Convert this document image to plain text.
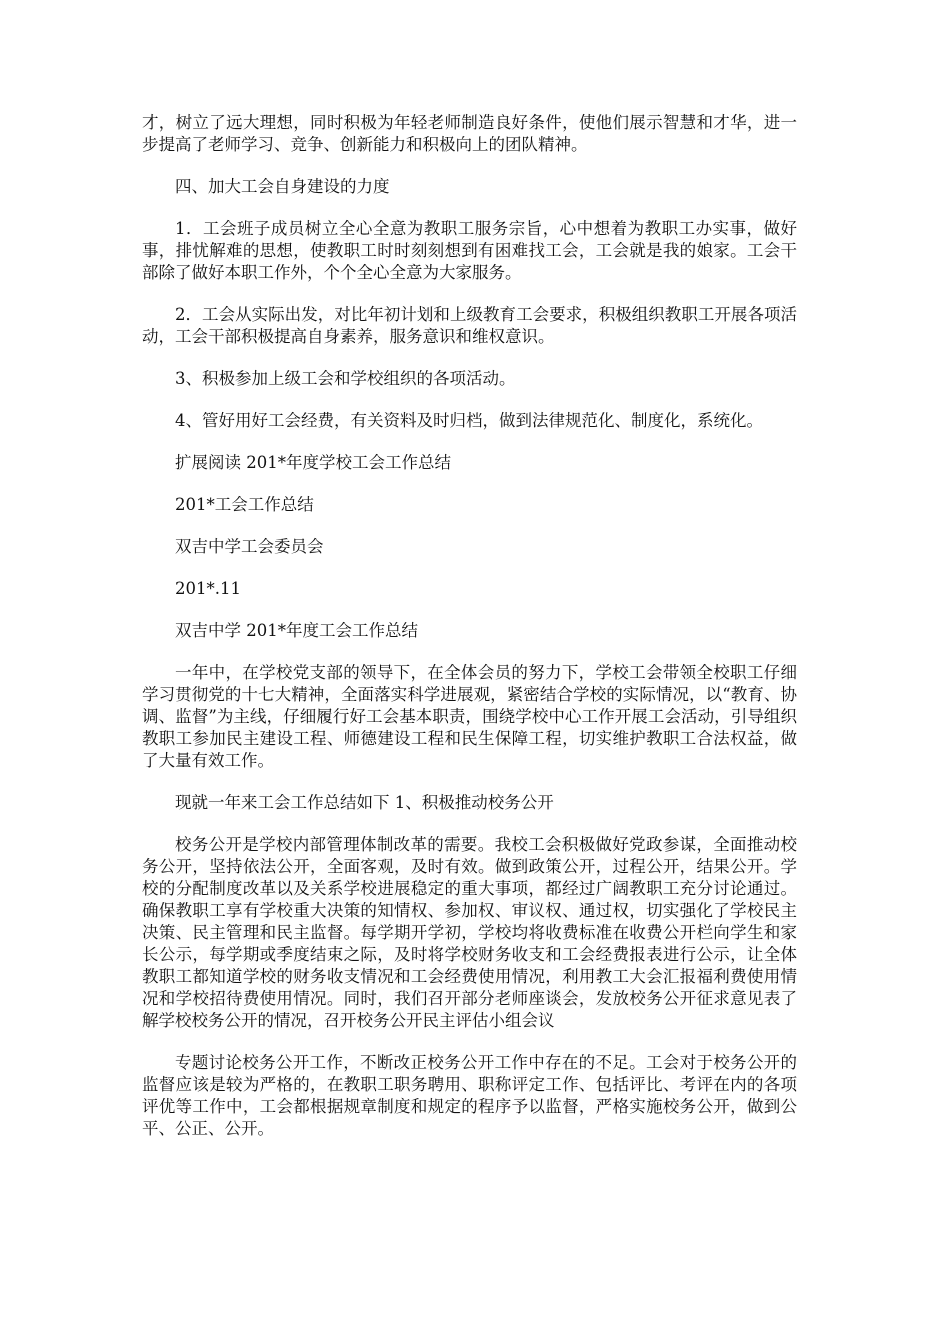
才，树立了远大理想，同时积极为年轻老师制造良好条件，使他们展示智慧和才华，进一步提高了老师学习、竞争、创新能力和积极向上的团队精神。

四、加大工会自身建设的力度

1．工会班子成员树立全心全意为教职工服务宗旨，心中想着为教职工办实事，做好事，排忧解难的思想，使教职工时时刻刻想到有困难找工会，工会就是我的娘家。工会干部除了做好本职工作外，个个全心全意为大家服务。

2．工会从实际出发，对比年初计划和上级教育工会要求，积极组织教职工开展各项活动，工会干部积极提高自身素养，服务意识和维权意识。

3、积极参加上级工会和学校组织的各项活动。

4、管好用好工会经费，有关资料及时归档，做到法律规范化、制度化，系统化。

扩展阅读 201*年度学校工会工作总结

201*工会工作总结

双吉中学工会委员会

201*.11

双吉中学 201*年度工会工作总结

一年中，在学校党支部的领导下，在全体会员的努力下，学校工会带领全校职工仔细学习贯彻党的十七大精神，全面落实科学进展观，紧密结合学校的实际情况，以“教育、协调、监督”为主线，仔细履行好工会基本职责，围绕学校中心工作开展工会活动，引导组织教职工参加民主建设工程、师德建设工程和民生保障工程，切实维护教职工合法权益，做了大量有效工作。

现就一年来工会工作总结如下 1、积极推动校务公开

校务公开是学校内部管理体制改革的需要。我校工会积极做好党政参谋，全面推动校务公开，坚持依法公开，全面客观，及时有效。做到政策公开，过程公开，结果公开。学校的分配制度改革以及关系学校进展稳定的重大事项，都经过广阔教职工充分讨论通过。确保教职工享有学校重大决策的知情权、参加权、审议权、通过权，切实强化了学校民主决策、民主管理和民主监督。每学期开学初，学校均将收费标准在收费公开栏向学生和家长公示，每学期或季度结束之际，及时将学校财务收支和工会经费报表进行公示，让全体教职工都知道学校的财务收支情况和工会经费使用情况，利用教工大会汇报福利费使用情况和学校招待费使用情况。同时，我们召开部分老师座谈会，发放校务公开征求意见表了解学校校务公开的情况，召开校务公开民主评估小组会议

专题讨论校务公开工作，不断改正校务公开工作中存在的不足。工会对于校务公开的监督应该是较为严格的，在教职工职务聘用、职称评定工作、包括评比、考评在内的各项评优等工作中，工会都根据规章制度和规定的程序予以监督，严格实施校务公开，做到公平、公正、公开。
